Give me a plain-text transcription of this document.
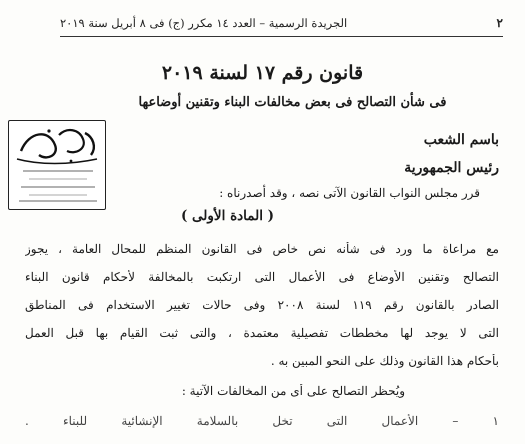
٢
الجريدة الرسمية – العدد ١٤ مكرر (ج) فى ٨ أبريل سنة ٢٠١٩
قانون رقم ١٧ لسنة ٢٠١٩
فى شأن التصالح فى بعض مخالفات البناء وتقنين أوضاعها
باسم الشعب
رئيس الجمهورية
قرر مجلس النواب القانون الآتى نصه ، وقد أصدرناه :
( المادة الأولى )
مع مراعاة ما ورد فى شأنه نص خاص فى القانون المنظم للمحال العامة ، يجوز
التصالح وتقنين الأوضاع فى الأعمال التى ارتكبت بالمخالفة لأحكام قانون البناء
الصادر بالقانون رقم ١١٩ لسنة ٢٠٠٨ وفى حالات تغيير الاستخدام فى المناطق
التى لا يوجد لها مخططات تفصيلية معتمدة ، والتى ثبت القيام بها قبل العمل
بأحكام هذا القانون وذلك على النحو المبين به .
ويُحظر التصالح على أى من المخالفات الآتية :
١ – الأعمال التى تخل بالسلامة الإنشائية للبناء .
